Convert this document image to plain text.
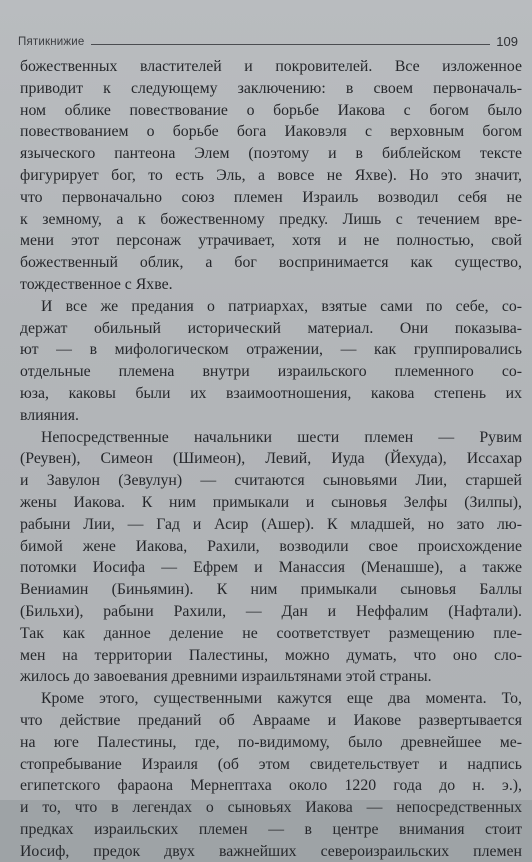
Пятикнижие	109
божественных властителей и покровителей. Все изложенное
приводит к следующему заключению: в своем первоначаль-
ном облике повествование о борьбе Иакова с богом было
повествованием о борьбе бога Иаковэля с верховным богом
языческого пантеона Элем (поэтому и в библейском тексте
фигурирует бог, то есть Эль, а вовсе не Яхве). Но это значит,
что первоначально союз племен Израиль возводил себя не
к земному, а к божественному предку. Лишь с течением вре-
мени этот персонаж утрачивает, хотя и не полностью, свой
божественный облик, а бог воспринимается как существо,
тождественное с Яхве.
И все же предания о патриархах, взятые сами по себе, со-
держат обильный исторический материал. Они показыва-
ют — в мифологическом отражении, — как группировались
отдельные племена внутри израильского племенного со-
юза, каковы были их взаимоотношения, какова степень их
влияния.
Непосредственные начальники шести племен — Рувим
(Реувен), Симеон (Шимеон), Левий, Иуда (Йехуда), Иссахар
и Завулон (Зевулун) — считаются сыновьями Лии, старшей
жены Иакова. К ним примыкали и сыновья Зелфы (Зилпы),
рабыни Лии, — Гад и Асир (Ашер). К младшей, но зато лю-
бимой жене Иакова, Рахили, возводили свое происхождение
потомки Иосифа — Ефрем и Манассия (Менашше), а также
Вениамин (Биньямин). К ним примыкали сыновья Баллы
(Бильхи), рабыни Рахили, — Дан и Неффалим (Нафтали).
Так как данное деление не соответствует размещению пле-
мен на территории Палестины, можно думать, что оно сло-
жилось до завоевания древними израильтянами этой страны.
Кроме этого, существенными кажутся еще два момента. То,
что действие преданий об Аврааме и Иакове развертывается
на юге Палестины, где, по-видимому, было древнейшее ме-
стопребывание Израиля (об этом свидетельствует и надпись
египетского фараона Мернептаха около 1220 года до н. э.),
и то, что в легендах о сыновьях Иакова — непосредственных
предках израильских племен — в центре внимания стоит
Иосиф, предок двух важнейших североизраильских племен
